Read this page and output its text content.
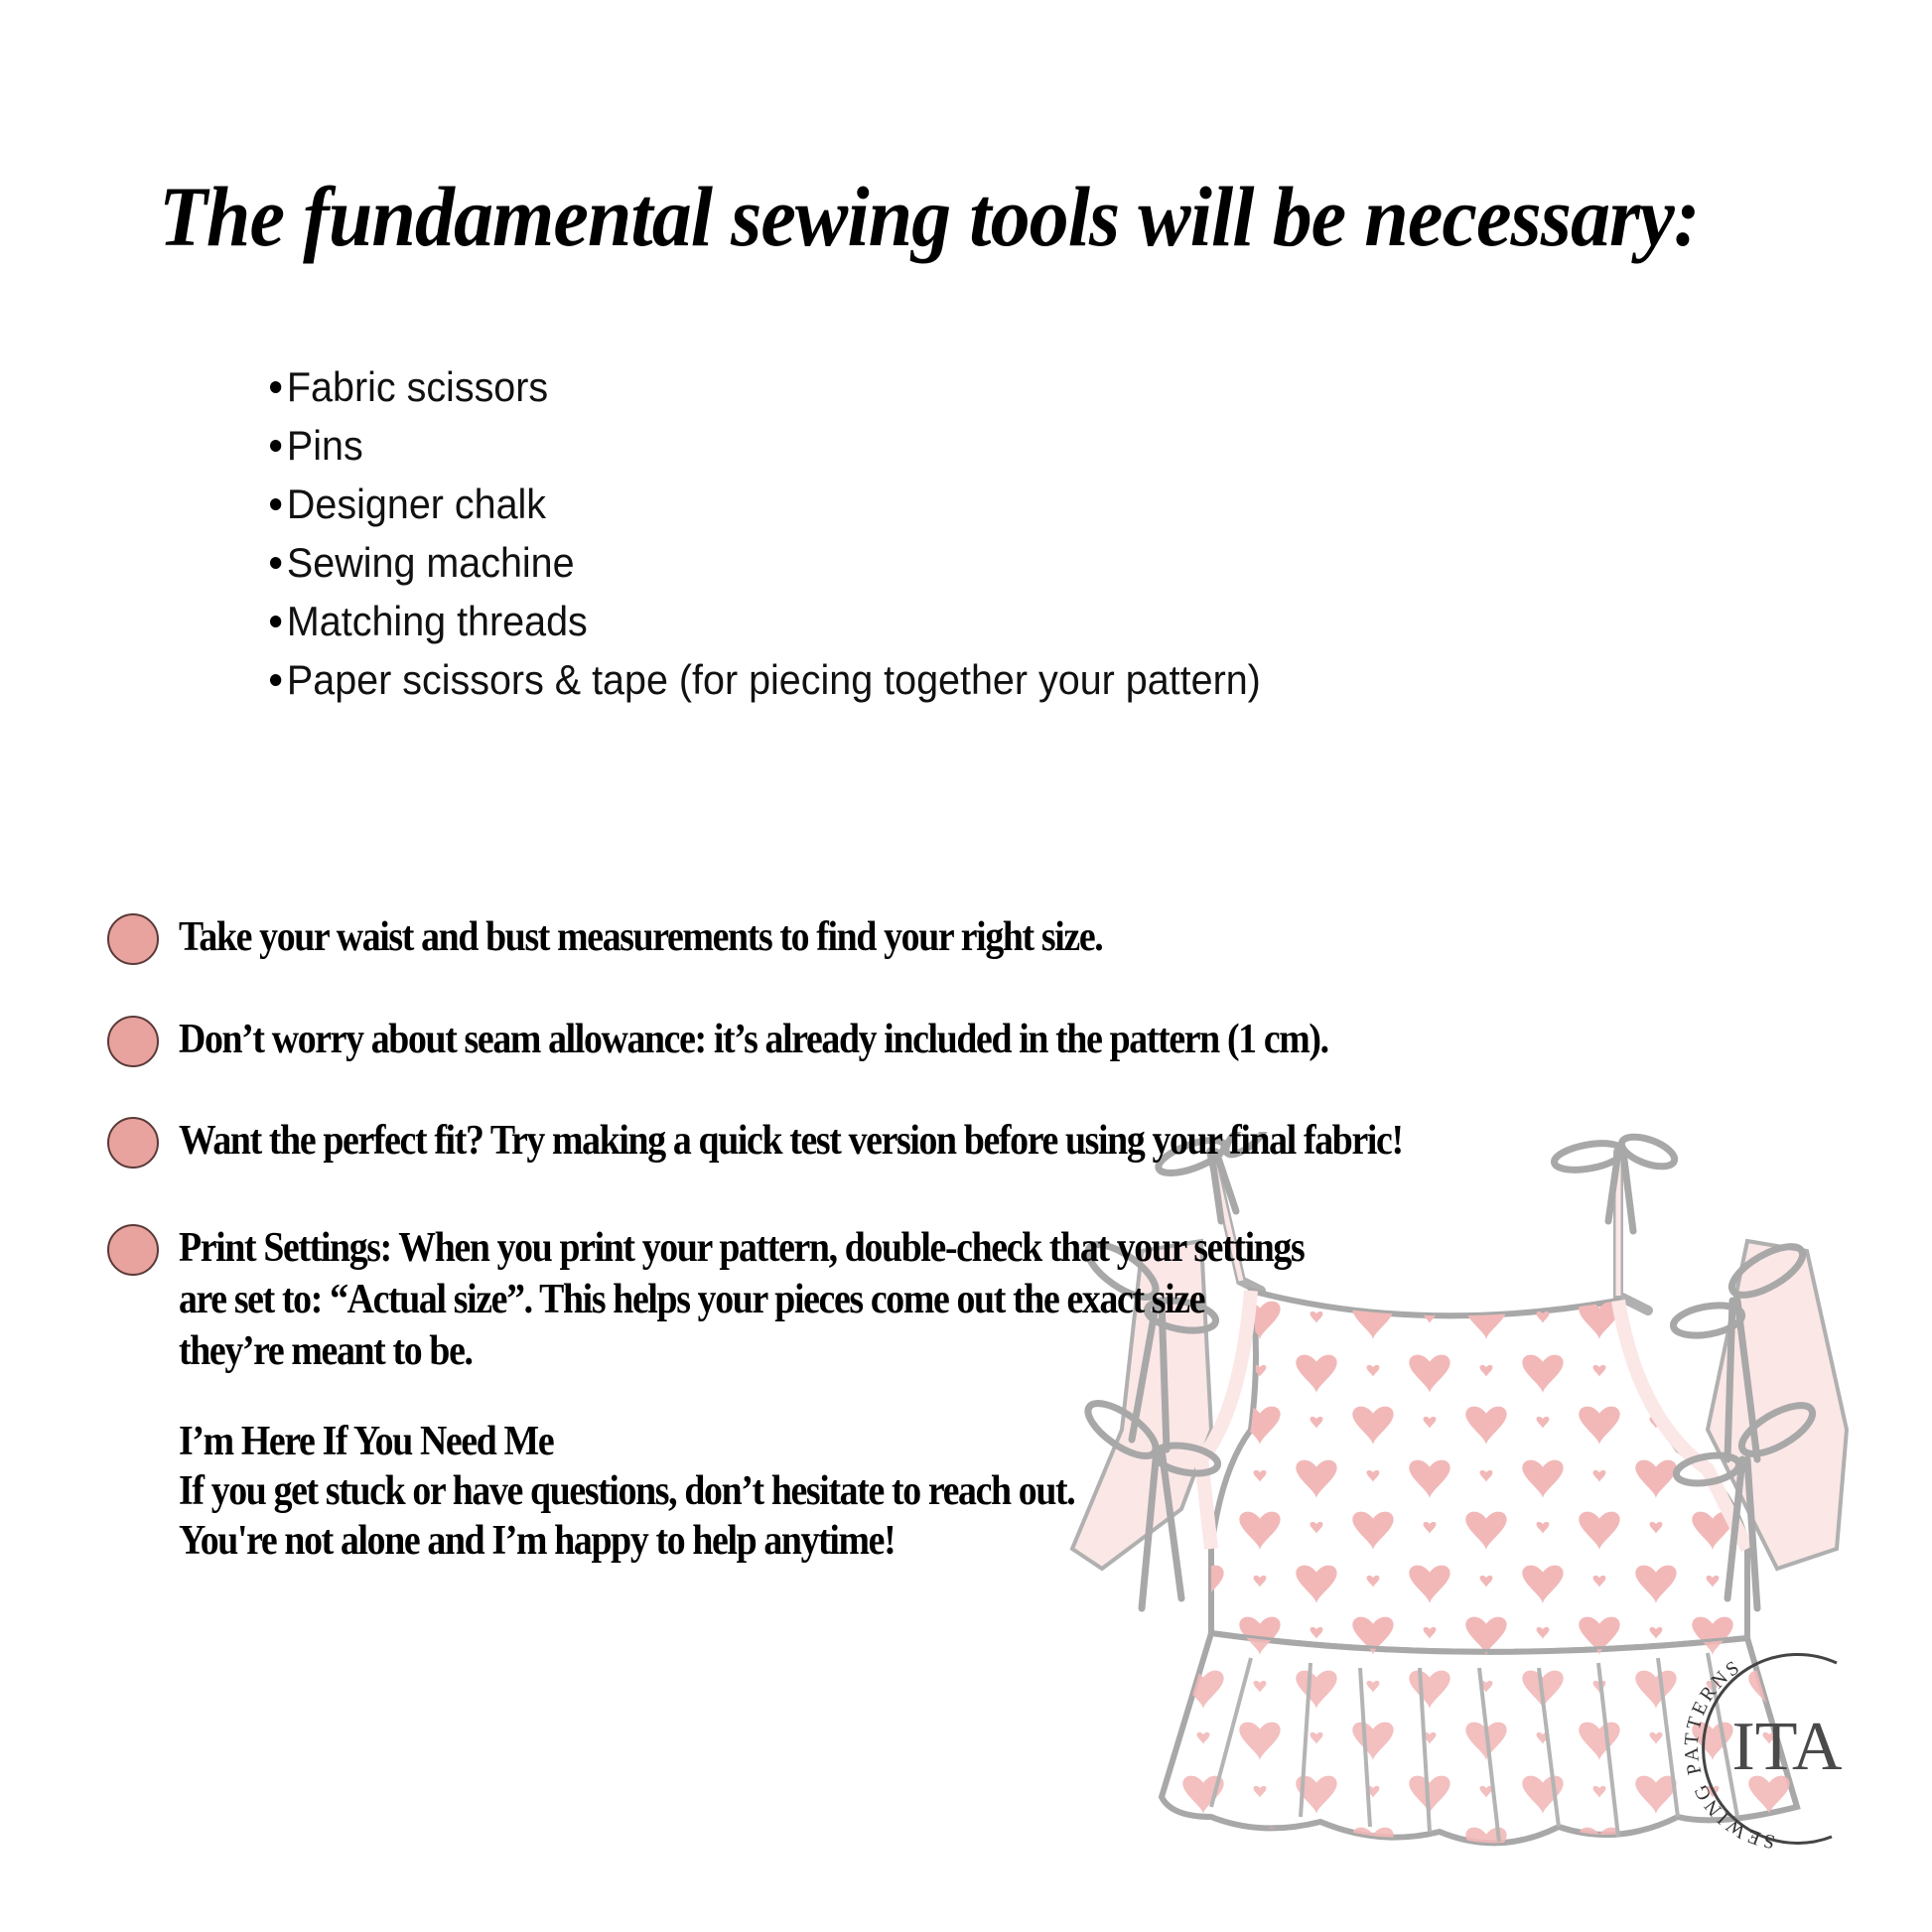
The fundamental sewing tools will be necessary:
Fabric scissors
Pins
Designer chalk
Sewing machine
Matching threads
Paper scissors & tape (for piecing together your pattern)
ITA
SEWING PATTERNS
Take your waist and bust measurements to find your right size.
Don’t worry about seam allowance: it’s already included in the pattern (1 cm).
Want the perfect fit? Try making a quick test version before using your final fabric!
Print Settings: When you print your pattern, double-check that your settings
are set to: “Actual size”. This helps your pieces come out the exact size
they’re meant to be.
I’m Here If You Need Me
If you get stuck or have questions, don’t hesitate to reach out.
You're not alone and I’m happy to help anytime!
